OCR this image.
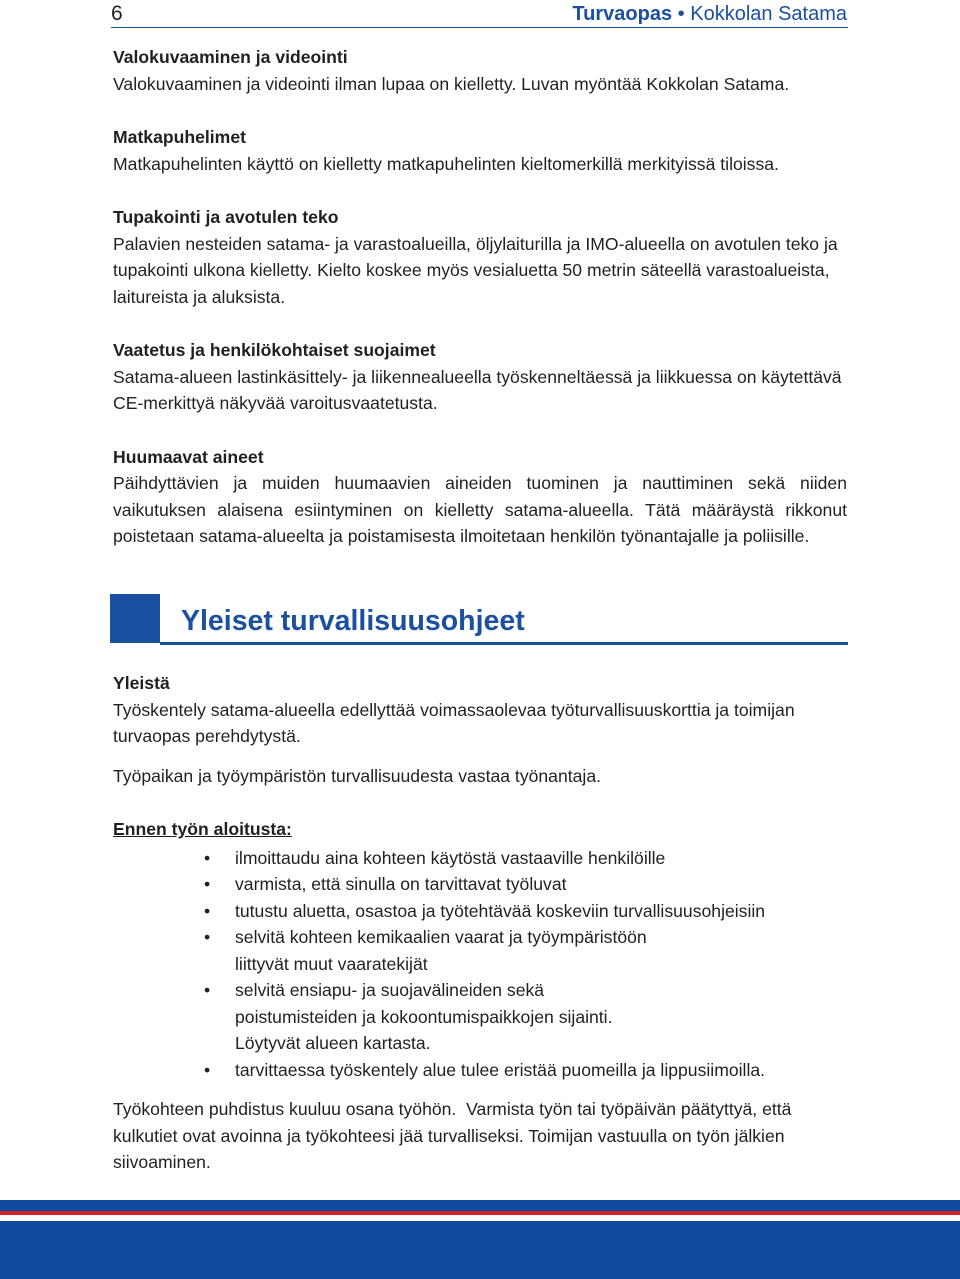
6	Turvaopas • Kokkolan Satama

Valokuvaaminen ja videointi

Valokuvaaminen ja videointi ilman lupaa on kielletty. Luvan myöntää Kokkolan Satama.

Matkapuhelimet

Matkapuhelinten käyttö on kielletty matkapuhelinten kieltomerkillä merkityissä tiloissa.

Tupakointi ja avotulen teko

Palavien nesteiden satama- ja varastoalueilla, öljylaiturilla ja IMO-alueella on avotulen teko ja tupakointi ulkona kielletty. Kielto koskee myös vesialuetta 50 metrin säteellä varastoalueista, laitureista ja aluksista.

Vaatetus ja henkilökohtaiset suojaimet

Satama-alueen lastinkäsittely- ja liikennealueella työskenneltäessä ja liikkuessa on käytettävä CE-merkittyä näkyvää varoitusvaatetusta.

Huumaavat aineet

Päihdyttävien ja muiden huumaavien aineiden tuominen ja nauttiminen sekä niiden vaikutuksen alaisena esiintyminen on kielletty satama-alueella. Tätä määräystä rikkonut poistetaan satama-alueelta ja poistamisesta ilmoitetaan henkilön työnantajalle ja poliisille.

Yleiset turvallisuusohjeet

Yleistä

Työskentely satama-alueella edellyttää voimassaolevaa työturvallisuuskorttia ja toimijan turvaopas perehdytystä.

Työpaikan ja työympäristön turvallisuudesta vastaa työnantaja.

Ennen työn aloitusta:

• ilmoittaudu aina kohteen käytöstä vastaaville henkilöille
• varmista, että sinulla on tarvittavat työluvat
• tutustu aluetta, osastoa ja työtehtävää koskeviin turvallisuusohjeisiin
• selvitä kohteen kemikaalien vaarat ja työympäristöön liittyvät muut vaaratekijät
• selvitä ensiapu- ja suojavälineiden sekä poistumisteiden ja kokoontumispaikkojen sijainti. Löytyvät alueen kartasta.
• tarvittaessa työskentely alue tulee eristää puomeilla ja lippusiimoilla.

Työkohteen puhdistus kuuluu osana työhön.  Varmista työn tai työpäivän päätyttyä, että kulkutiet ovat avoinna ja työkohteesi jää turvalliseksi. Toimijan vastuulla on työn jälkien siivoaminen.
